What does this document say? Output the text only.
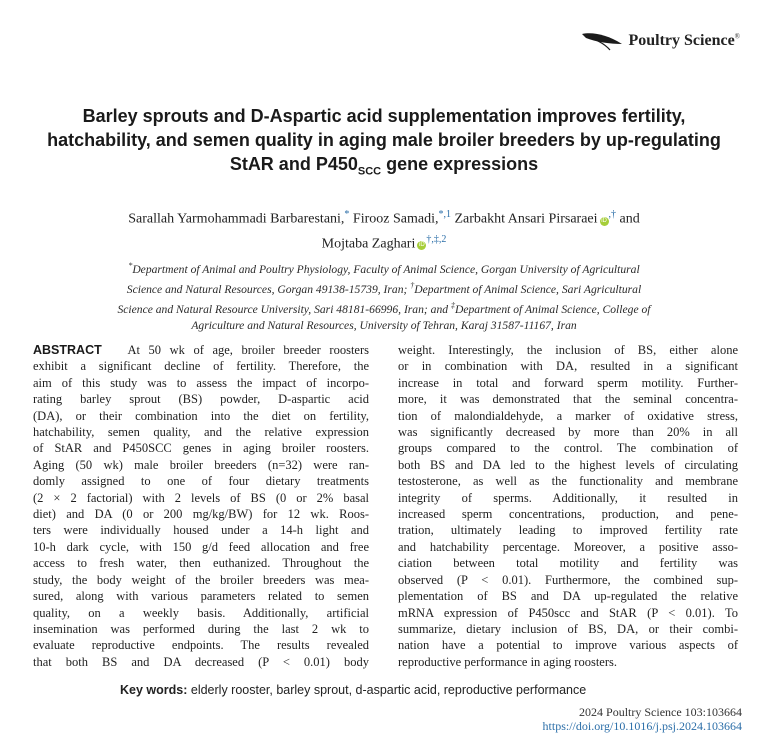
Poultry Science®
Barley sprouts and D-Aspartic acid supplementation improves fertility,
hatchability, and semen quality in aging male broiler breeders by up-regulating
StAR and $P450_{SCC}$ gene expressions
Sarallah Yarmohammadi Barbarestani,* Firooz Samadi,$^{*,1}$ Zarbakht Ansari Pirsaraei iD,† and
Mojtaba Zaghari $iD^{\dagger,\ddagger,2}$
*Department of Animal and Poultry Physiology, Faculty of Animal Science, Gorgan University of Agricultural
Science and Natural Resources, Gorgan 49138-15739, Iran; †Department of Animal Science, Sari Agricultural
Science and Natural Resource University, Sari 48181-66996, Iran; and ‡Department of Animal Science, College of
Agriculture and Natural Resources, University of Tehran, Karaj 31587-11167, Iran
ABSTRACT At 50 wk of age, broiler breeder roosters
exhibit a significant decline of fertility. Therefore, the
aim of this study was to assess the impact of incorpo-
rating barley sprout (BS) powder, D-aspartic acid
(DA), or their combination into the diet on fertility,
hatchability, semen quality, and the relative expression
of StAR and P450SCC genes in aging broiler roosters.
Aging (50 wk) male broiler breeders (n=32) were ran-
domly assigned to one of four dietary treatments
(2 × 2 factorial) with 2 levels of BS (0 or 2% basal
diet) and DA (0 or 200 mg/kg/BW) for 12 wk. Roos-
ters were individually housed under a 14-h light and
10-h dark cycle, with 150 g/d feed allocation and free
access to fresh water, then euthanized. Throughout the
study, the body weight of the broiler breeders was mea-
sured, along with various parameters related to semen
quality, on a weekly basis. Additionally, artificial
insemination was performed during the last 2 wk to
evaluate reproductive endpoints. The results revealed
that both BS and DA decreased (P < 0.01) body
weight. Interestingly, the inclusion of BS, either alone
or in combination with DA, resulted in a significant
increase in total and forward sperm motility. Further-
more, it was demonstrated that the seminal concentra-
tion of malondialdehyde, a marker of oxidative stress,
was significantly decreased by more than 20% in all
groups compared to the control. The combination of
both BS and DA led to the highest levels of circulating
testosterone, as well as the functionality and membrane
integrity of sperms. Additionally, it resulted in
increased sperm concentrations, production, and pene-
tration, ultimately leading to improved fertility rate
and hatchability percentage. Moreover, a positive asso-
ciation between total motility and fertility was
observed (P < 0.01). Furthermore, the combined sup-
plementation of BS and DA up-regulated the relative
mRNA expression of P450scc and StAR (P < 0.01). To
summarize, dietary inclusion of BS, DA, or their combi-
nation have a potential to improve various aspects of
reproductive performance in aging roosters.
Key words: elderly rooster, barley sprout, d-aspartic acid, reproductive performance
2024 Poultry Science 103:103664
https://doi.org/10.1016/j.psj.2024.103664
